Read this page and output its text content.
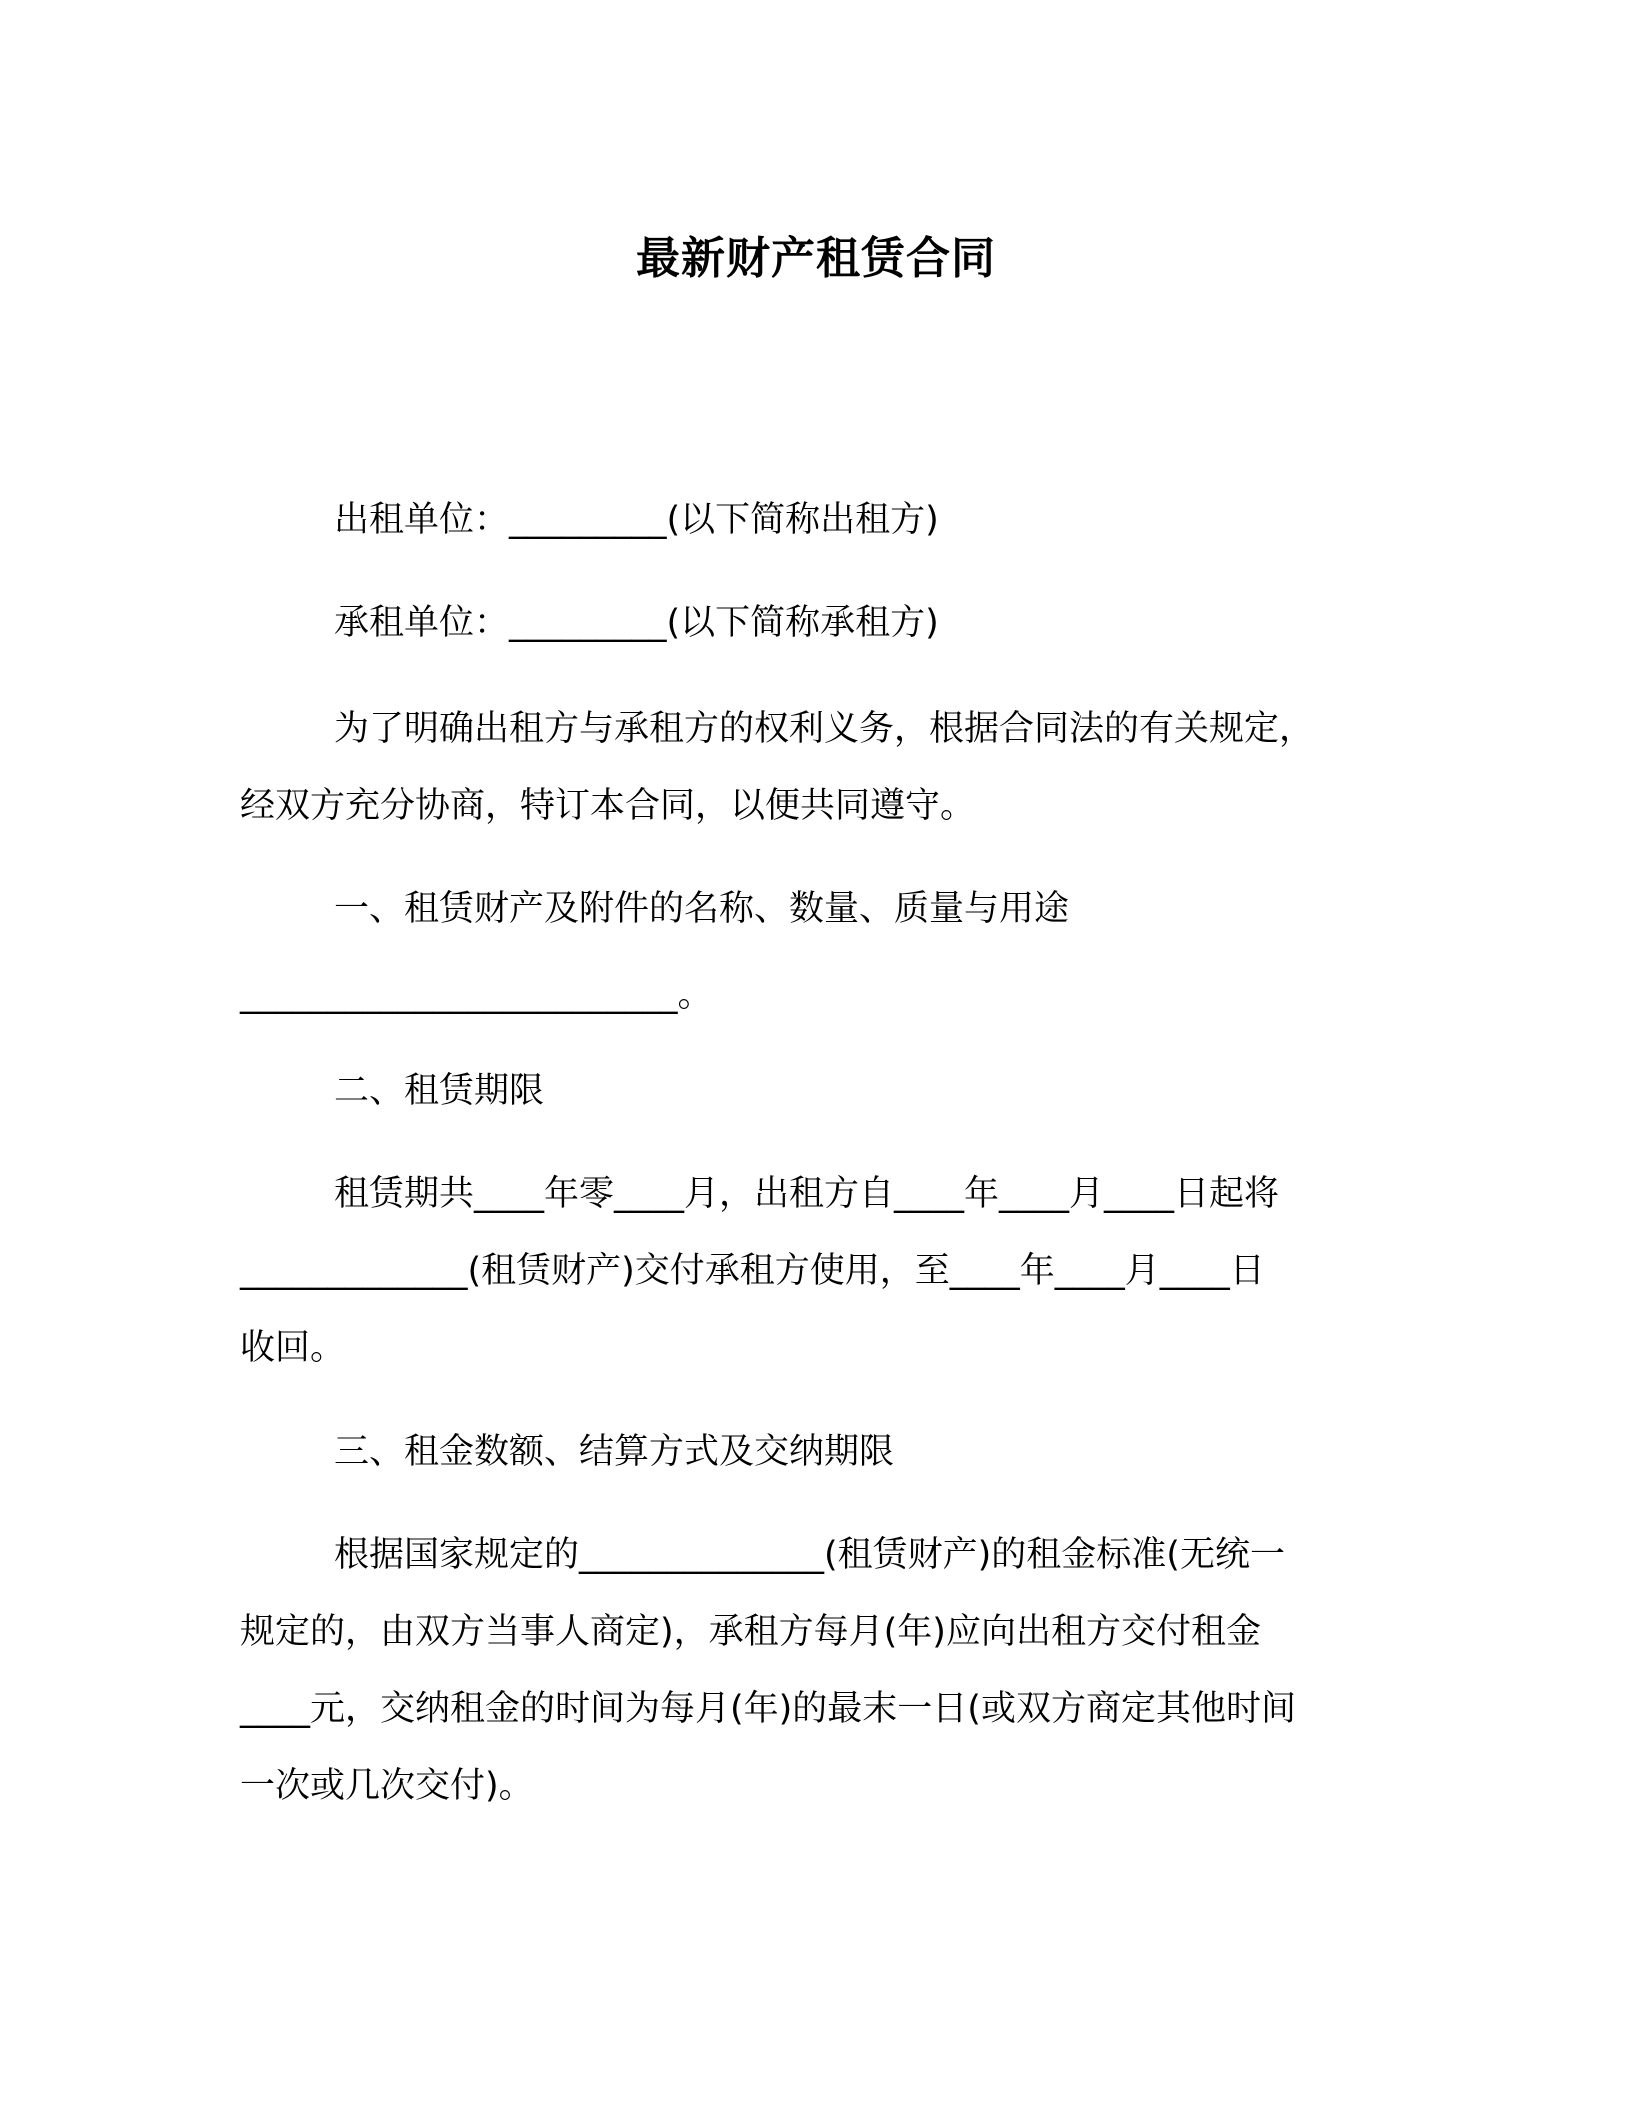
最新财产租赁合同
出租单位：_________(以下简称出租方)
承租单位：_________(以下简称承租方)
为了明确出租方与承租方的权利义务，根据合同法的有关规定，
经双方充分协商，特订本合同，以便共同遵守。
一、租赁财产及附件的名称、数量、质量与用途
_________________________。
二、租赁期限
租赁期共____年零____月，出租方自____年____月____日起将
_____________(租赁财产)交付承租方使用，至____年____月____日
收回。
三、租金数额、结算方式及交纳期限
根据国家规定的______________(租赁财产)的租金标准(无统一
规定的，由双方当事人商定)，承租方每月(年)应向出租方交付租金
____元，交纳租金的时间为每月(年)的最末一日(或双方商定其他时间
一次或几次交付)。
